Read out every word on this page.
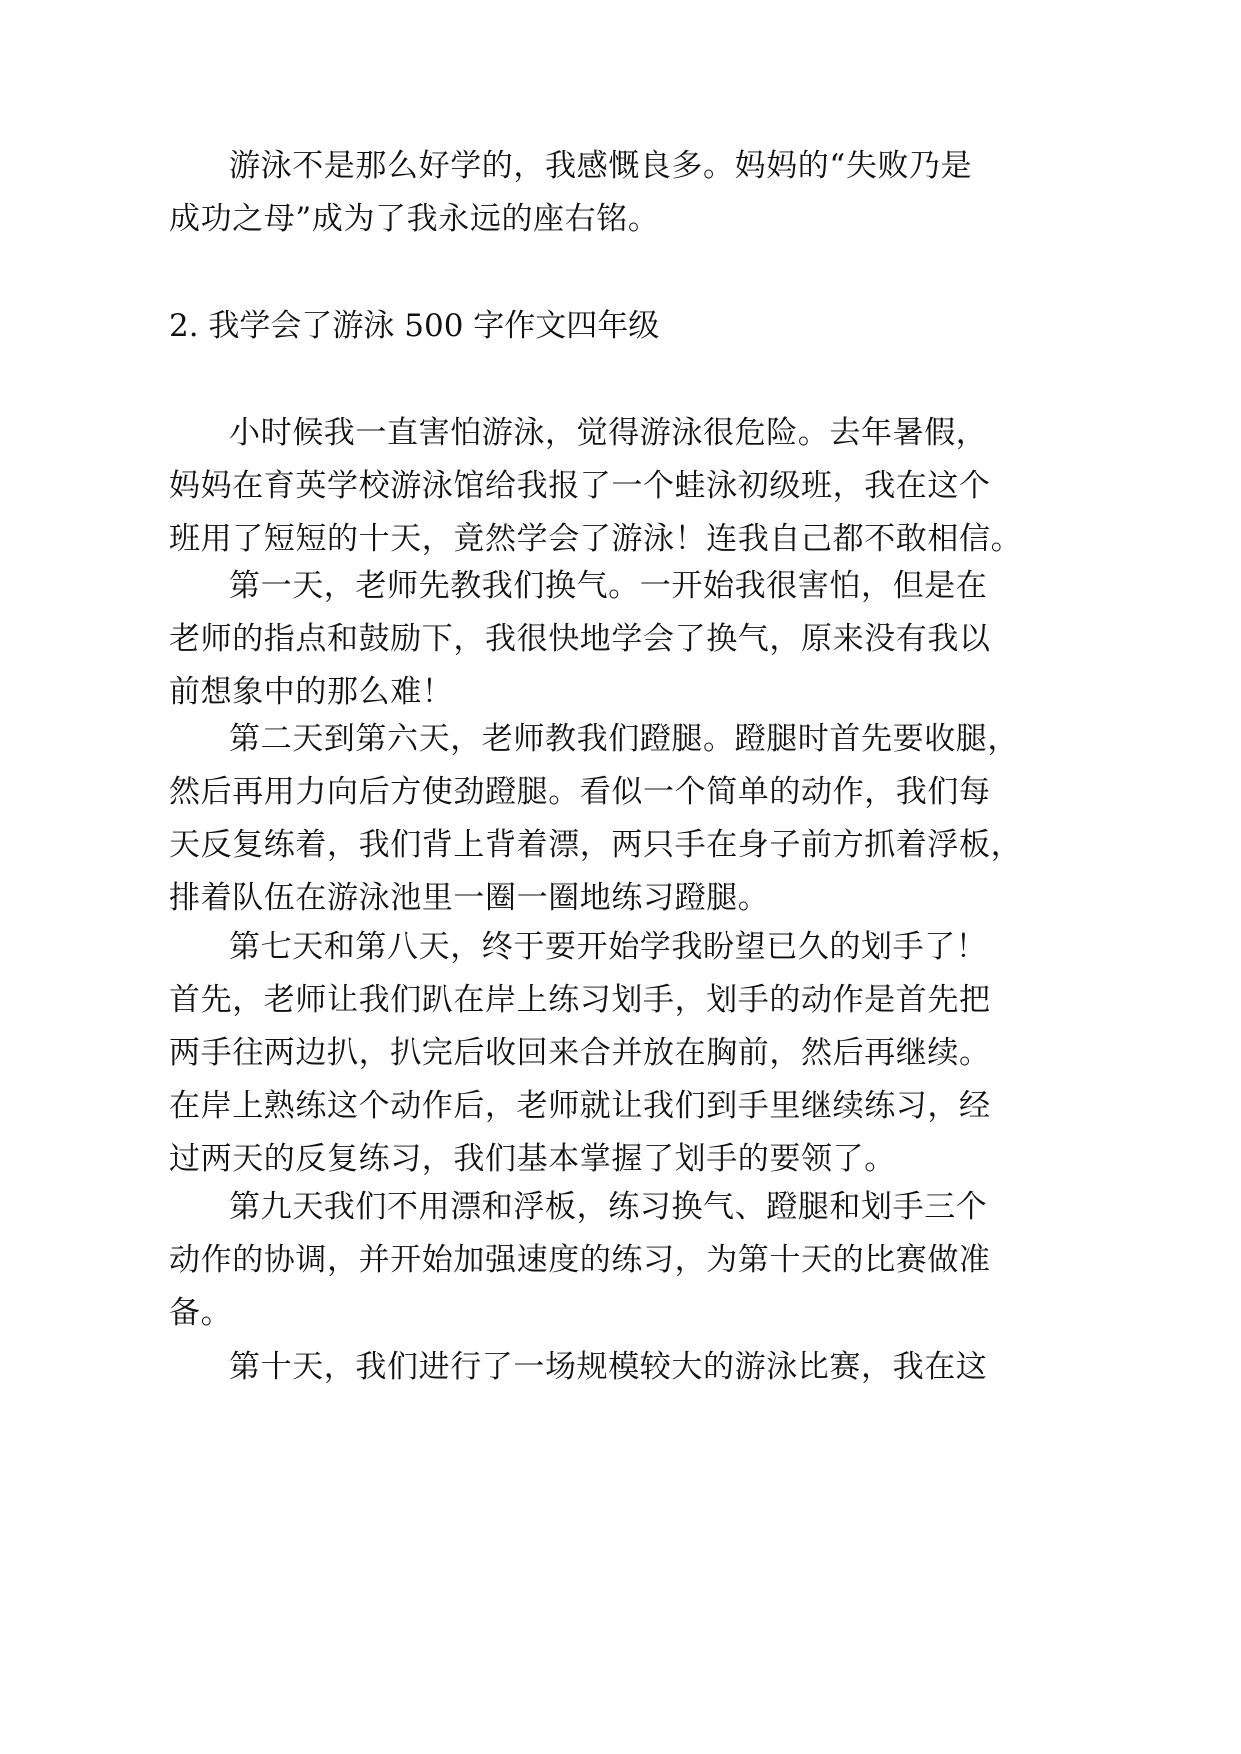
游泳不是那么好学的，我感慨良多。妈妈的“失败乃是
成功之母”成为了我永远的座右铭。
2. 我学会了游泳 500 字作文四年级
小时候我一直害怕游泳，觉得游泳很危险。去年暑假，
妈妈在育英学校游泳馆给我报了一个蛙泳初级班，我在这个
班用了短短的十天，竟然学会了游泳！连我自己都不敢相信。
第一天，老师先教我们换气。一开始我很害怕，但是在
老师的指点和鼓励下，我很快地学会了换气，原来没有我以
前想象中的那么难！
第二天到第六天，老师教我们蹬腿。蹬腿时首先要收腿，
然后再用力向后方使劲蹬腿。看似一个简单的动作，我们每
天反复练着，我们背上背着漂，两只手在身子前方抓着浮板，
排着队伍在游泳池里一圈一圈地练习蹬腿。
第七天和第八天，终于要开始学我盼望已久的划手了！
首先，老师让我们趴在岸上练习划手，划手的动作是首先把
两手往两边扒，扒完后收回来合并放在胸前，然后再继续。
在岸上熟练这个动作后，老师就让我们到手里继续练习，经
过两天的反复练习，我们基本掌握了划手的要领了。
第九天我们不用漂和浮板，练习换气、蹬腿和划手三个
动作的协调，并开始加强速度的练习，为第十天的比赛做准
备。
第十天，我们进行了一场规模较大的游泳比赛，我在这
